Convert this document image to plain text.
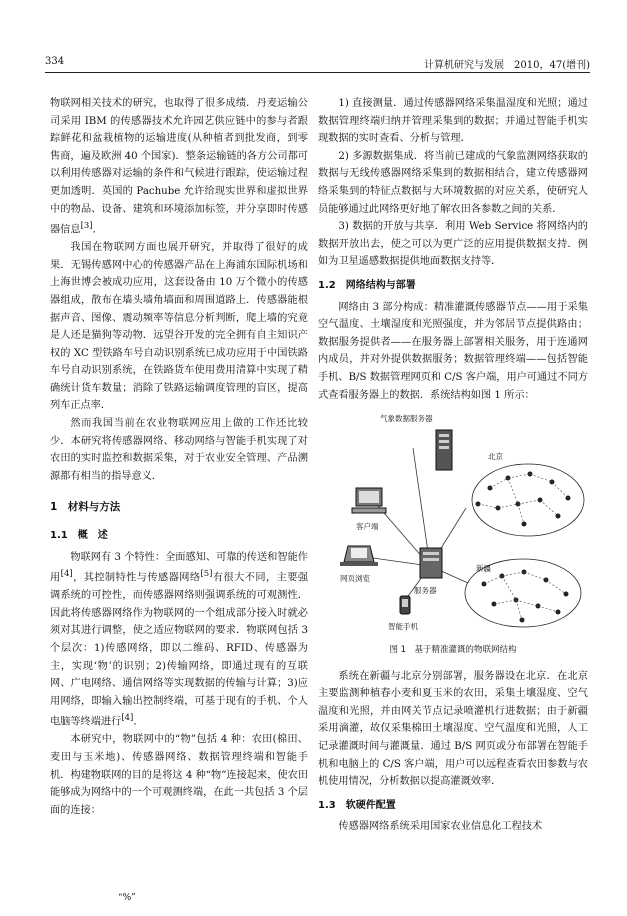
334	计算机研究与发展　2010，47(增刊)

物联网相关技术的研究，也取得了很多成绩．丹麦运输公司采用 IBM 的传感器技术允许园艺供应链中的参与者跟踪鲜花和盆栽植物的运输进度(从种植者到批发商，到零售商，遍及欧洲 40 个国家)．整条运输链的各方公司都可以利用传感器对运输的条件和气候进行跟踪，使运输过程更加透明．英国的 Pachube 允许给现实世界和虚拟世界中的物品、设备、建筑和环境添加标签，并分享即时传感器信息[3]．

我国在物联网方面也展开研究，并取得了很好的成果．无锡传感网中心的传感器产品在上海浦东国际机场和上海世博会被成功应用，这套设备由 10 万个微小的传感器组成，散布在墙头墙角墙面和周围道路上．传感器能根据声音、图像、震动频率等信息分析判断，爬上墙的究竟是人还是猫狗等动物．远望谷开发的完全拥有自主知识产权的 XC 型铁路车号自动识别系统已成功应用于中国铁路车号自动识别系统，在铁路货车使用费用清算中实现了精确统计货车数量；消除了铁路运输调度管理的盲区，提高列车正点率．

然而我国当前在农业物联网应用上做的工作还比较少．本研究将传感器网络、移动网络与智能手机实现了对农田的实时监控和数据采集，对于农业安全管理、产品溯源都有相当的指导意义．

1　材料与方法
1.1　概　述

物联网有 3 个特性：全面感知、可靠的传送和智能作用[4]，其控制特性与传感器网络[5]有很大不同，主要强调系统的可控性，而传感器网络则强调系统的可观测性．因此将传感器网络作为物联网的一个组成部分接入时就必须对其进行调整，使之适应物联网的要求．物联网包括 3 个层次：1)传感网络，即以二维码、RFID、传感器为主，实现‘物’的识别；2)传输网络，即通过现有的互联网、广电网络、通信网络等实现数据的传输与计算；3)应用网络，即输入输出控制终端，可基于现有的手机、个人电脑等终端进行[4]．

本研究中，物联网中的“物”包括 4 种：农田(棉田、麦田与玉米地)、传感器网络、数据管理终端和智能手机．构建物联网的目的是将这 4 种“物”连接起来，使农田能够成为网络中的一个可观测终端，在此一共包括 3 个层面的连接：

1) 直接测量．通过传感器网络采集温湿度和光照；通过数据管理终端归纳并管理采集到的数据；并通过智能手机实现数据的实时查看、分析与管理．

2) 多源数据集成．将当前已建成的气象监测网络获取的数据与无线传感器网络采集到的数据相结合，建立传感器网络采集到的特征点数据与大环境数据的对应关系，使研究人员能够通过此网络更好地了解农田各参数之间的关系．

3) 数据的开放与共享．利用 Web Service 将网络内的数据开放出去，使之可以为更广泛的应用提供数据支持．例如为卫星遥感数据提供地面数据支持等．

1.2　网络结构与部署

网络由 3 部分构成：精准灌溉传感器节点——用于采集空气温度、土壤湿度和光照强度，并为邻居节点提供路由；数据服务提供者——在服务器上部署相关服务，用于连通网内成员，并对外提供数据服务；数据管理终端——包括智能手机、B/S 数据管理网页和 C/S 客户端，用户可通过不同方式查看服务器上的数据．系统结构如图 1 所示：

气象数据服务器
北京
客户端
网页浏览
服务器
新疆
智能手机
图 1　基于精准灌溉的物联网结构

系统在新疆与北京分别部署，服务器设在北京．在北京主要监测种植春小麦和夏玉米的农田，采集土壤湿度、空气温度和光照，并由网关节点记录喷灌机行进数据；由于新疆采用滴灌，故仅采集棉田土壤湿度、空气温度和光照，人工记录灌溉时间与灌溉量．通过 B/S 网页或分布部署在智能手机和电脑上的 C/S 客户端，用户可以远程查看农田参数与农机使用情况，分析数据以提高灌溉效率．

1.3　软硬件配置

传感器网络系统采用国家农业信息化工程技术

“%”
